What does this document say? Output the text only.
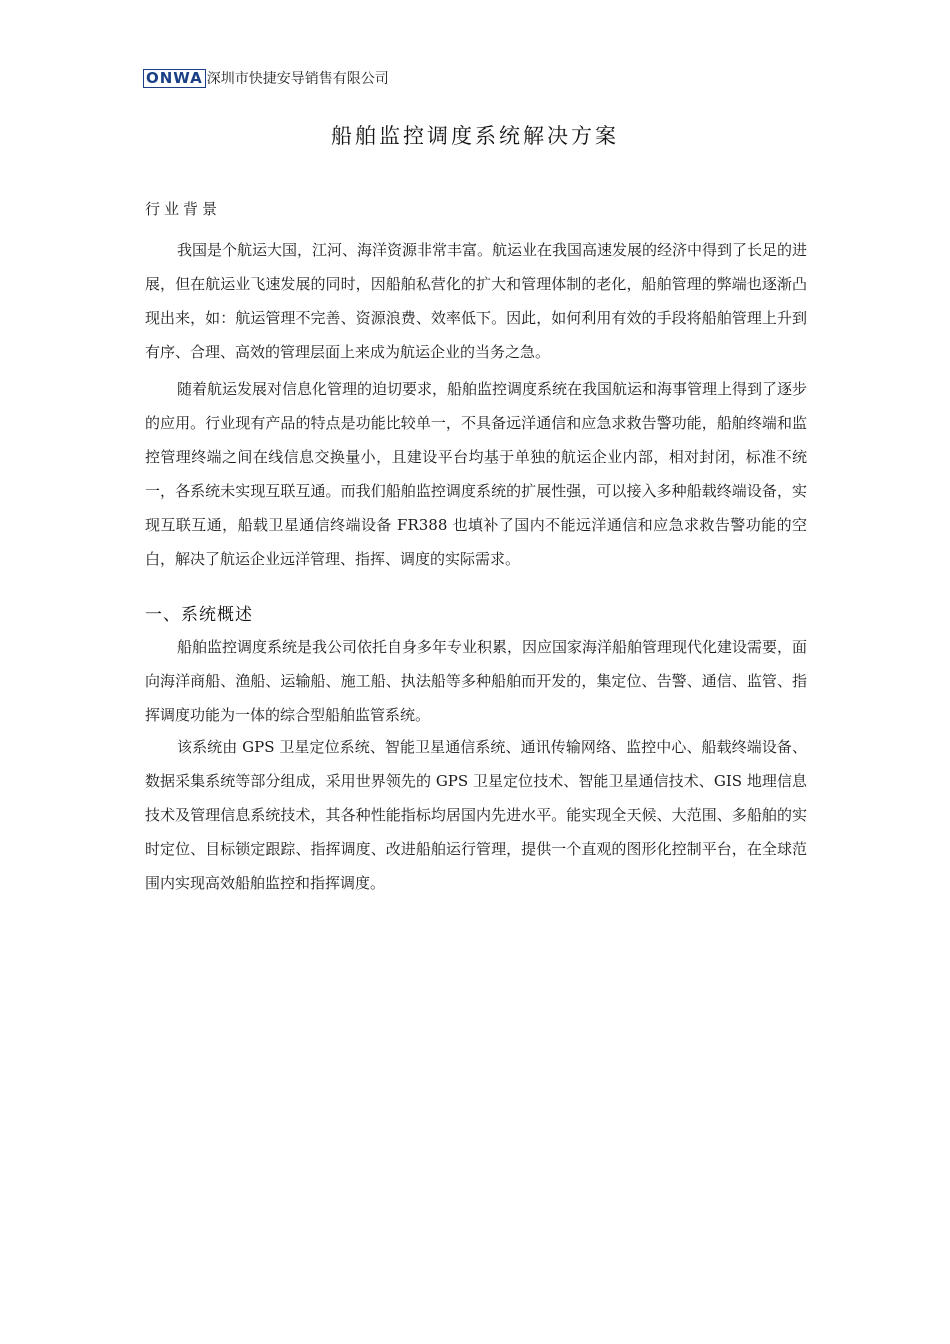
ONWA 深圳市快捷安导销售有限公司
船舶监控调度系统解决方案
行业背景

我国是个航运大国，江河、海洋资源非常丰富。航运业在我国高速发展的经济中得到了长足的进展，但在航运业飞速发展的同时，因船舶私营化的扩大和管理体制的老化，船舶管理的弊端也逐渐凸现出来，如：航运管理不完善、资源浪费、效率低下。因此，如何利用有效的手段将船舶管理上升到有序、合理、高效的管理层面上来成为航运企业的当务之急。

随着航运发展对信息化管理的迫切要求，船舶监控调度系统在我国航运和海事管理上得到了逐步的应用。行业现有产品的特点是功能比较单一，不具备远洋通信和应急求救告警功能，船舶终端和监控管理终端之间在线信息交换量小，且建设平台均基于单独的航运企业内部，相对封闭，标准不统一，各系统未实现互联互通。而我们船舶监控调度系统的扩展性强，可以接入多种船载终端设备，实现互联互通，船载卫星通信终端设备 FR388 也填补了国内不能远洋通信和应急求救告警功能的空白，解决了航运企业远洋管理、指挥、调度的实际需求。

一、系统概述

船舶监控调度系统是我公司依托自身多年专业积累，因应国家海洋船舶管理现代化建设需要，面向海洋商船、渔船、运输船、施工船、执法船等多种船舶而开发的，集定位、告警、通信、监管、指挥调度功能为一体的综合型船舶监管系统。

该系统由 GPS 卫星定位系统、智能卫星通信系统、通讯传输网络、监控中心、船载终端设备、数据采集系统等部分组成，采用世界领先的 GPS 卫星定位技术、智能卫星通信技术、GIS 地理信息技术及管理信息系统技术，其各种性能指标均居国内先进水平。能实现全天候、大范围、多船舶的实时定位、目标锁定跟踪、指挥调度、改进船舶运行管理，提供一个直观的图形化控制平台，在全球范围内实现高效船舶监控和指挥调度。
